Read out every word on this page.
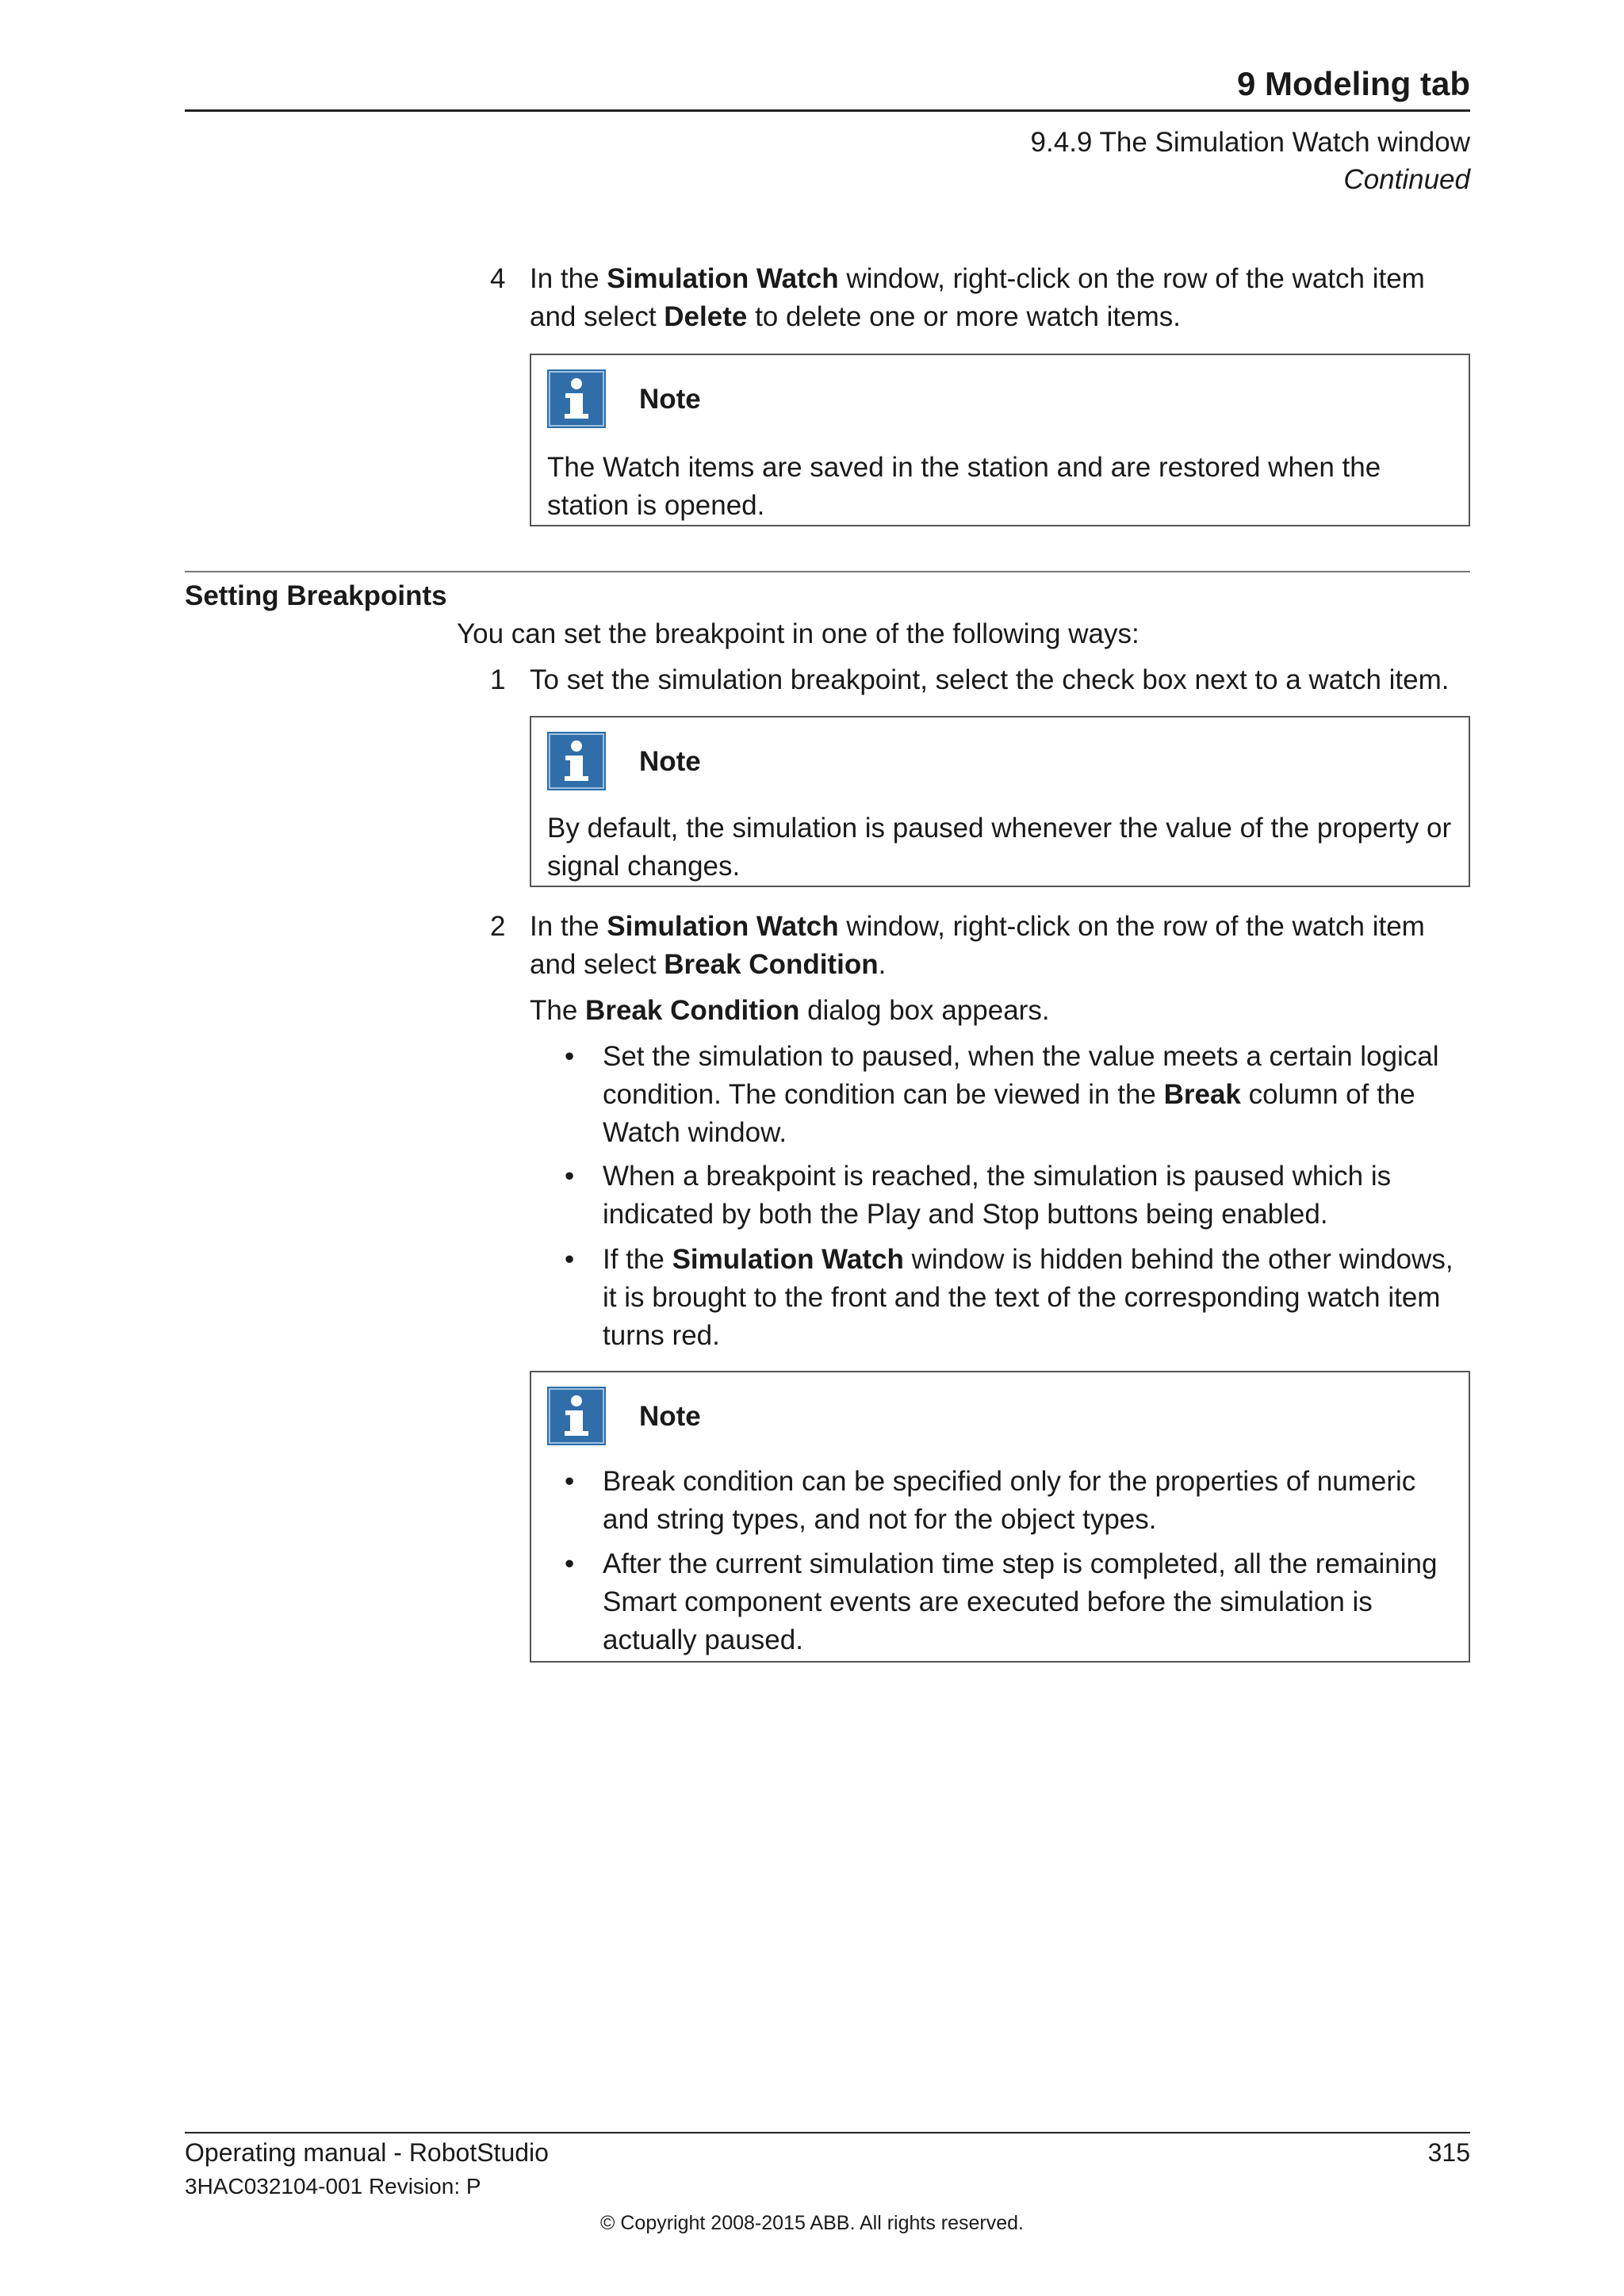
9 Modeling tab
9.4.9 The Simulation Watch window
Continued
4 In the Simulation Watch window, right-click on the row of the watch item and select Delete to delete one or more watch items.
Note
The Watch items are saved in the station and are restored when the station is opened.
Setting Breakpoints
You can set the breakpoint in one of the following ways:
1 To set the simulation breakpoint, select the check box next to a watch item.
Note
By default, the simulation is paused whenever the value of the property or signal changes.
2 In the Simulation Watch window, right-click on the row of the watch item and select Break Condition.
The Break Condition dialog box appears.
• Set the simulation to paused, when the value meets a certain logical condition. The condition can be viewed in the Break column of the Watch window.
• When a breakpoint is reached, the simulation is paused which is indicated by both the Play and Stop buttons being enabled.
• If the Simulation Watch window is hidden behind the other windows, it is brought to the front and the text of the corresponding watch item turns red.
Note
• Break condition can be specified only for the properties of numeric and string types, and not for the object types.
• After the current simulation time step is completed, all the remaining Smart component events are executed before the simulation is actually paused.
Operating manual - RobotStudio
3HAC032104-001 Revision: P
315
© Copyright 2008-2015 ABB. All rights reserved.
